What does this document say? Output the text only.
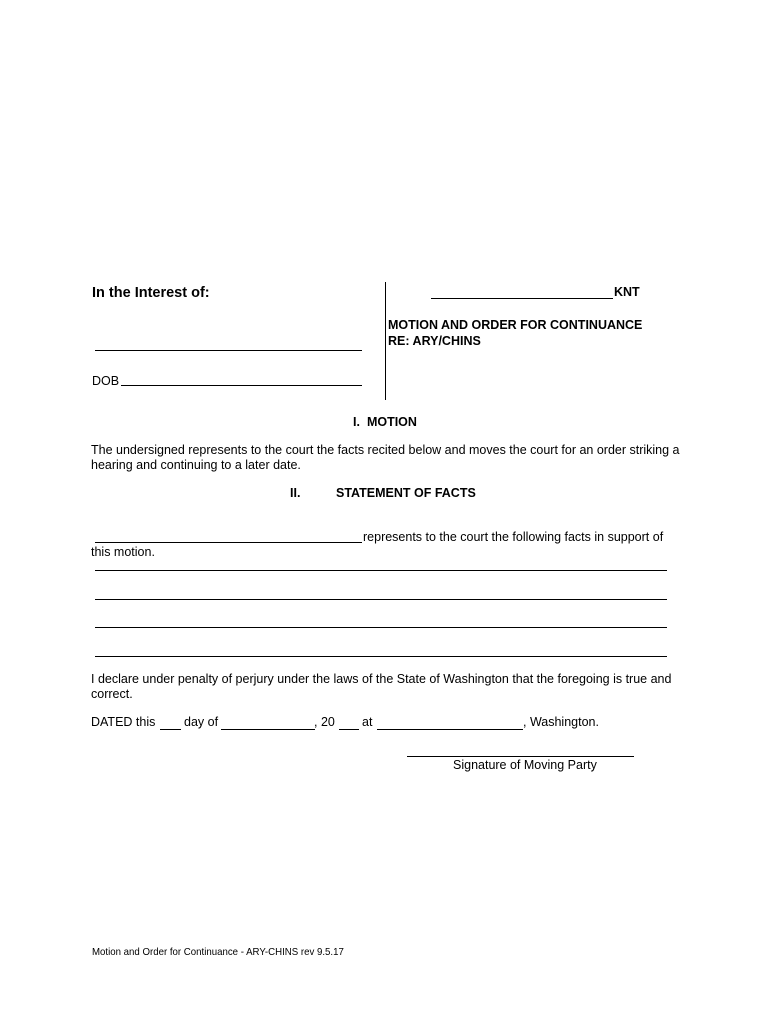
In the Interest of:
DOB
KNT
MOTION AND ORDER FOR CONTINUANCE
RE: ARY/CHINS
I.  MOTION
The undersigned represents to the court the facts recited below and moves the court for an order striking a hearing and continuing to a later date.
II.	STATEMENT OF FACTS
represents to the court the following facts in support of
this motion.
I declare under penalty of perjury under the laws of the State of Washington that the foregoing is true and correct.
DATED this day of	, 20 at	, Washington.
Signature of Moving Party
Motion and Order for Continuance - ARY-CHINS rev 9.5.17
